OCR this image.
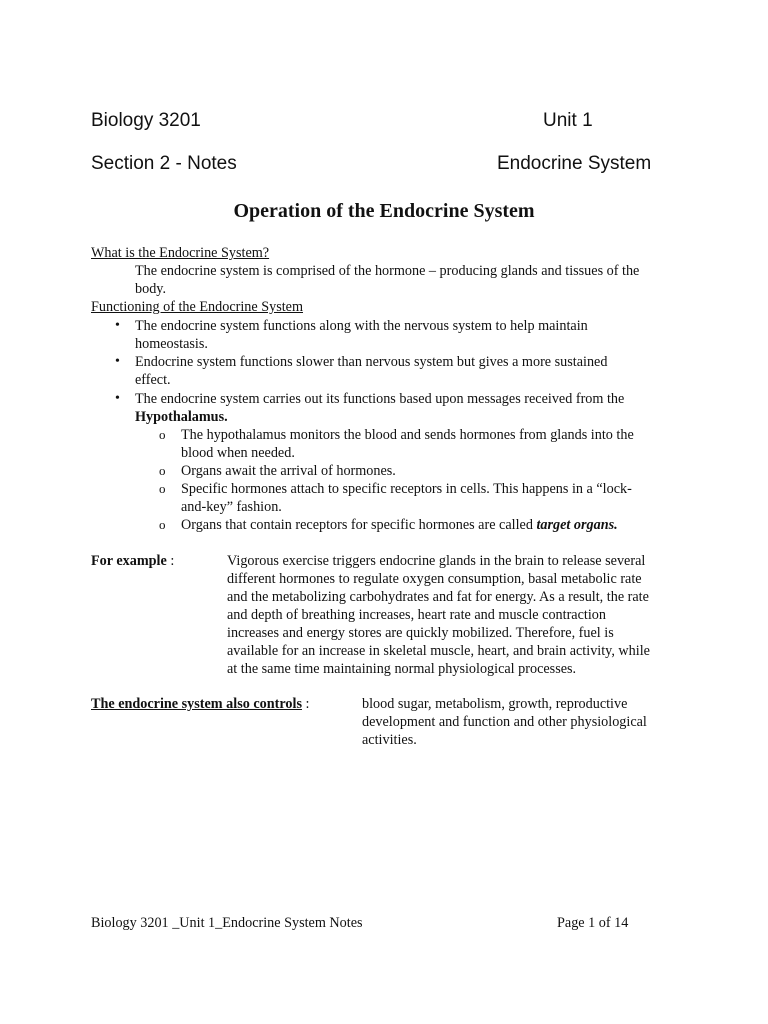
Biology 3201	Unit 1
Section 2 - Notes	Endocrine System
Operation of the Endocrine System
What is the Endocrine System?
The endocrine system is comprised of the hormone – producing glands and tissues of the
body.
Functioning of the Endocrine System
• The endocrine system functions along with the nervous system to help maintain
homeostasis.
• Endocrine system functions slower than nervous system but gives a more sustained
effect.
• The endocrine system carries out its functions based upon messages received from the
Hypothalamus.
o The hypothalamus monitors the blood and sends hormones from glands into the
blood when needed.
o Organs await the arrival of hormones.
o Specific hormones attach to specific receptors in cells. This happens in a “lock-
and-key” fashion.
o Organs that contain receptors for specific hormones are called target organs.
For example :	Vigorous exercise triggers endocrine glands in the brain to release several
different hormones to regulate oxygen consumption, basal metabolic rate
and the metabolizing carbohydrates and fat for energy. As a result, the rate
and depth of breathing increases, heart rate and muscle contraction
increases and energy stores are quickly mobilized. Therefore, fuel is
available for an increase in skeletal muscle, heart, and brain activity, while
at the same time maintaining normal physiological processes.
The endocrine system also controls :	blood sugar, metabolism, growth, reproductive
development and function and other physiological
activities.
Biology 3201 _Unit 1_Endocrine System Notes	Page 1 of 14
